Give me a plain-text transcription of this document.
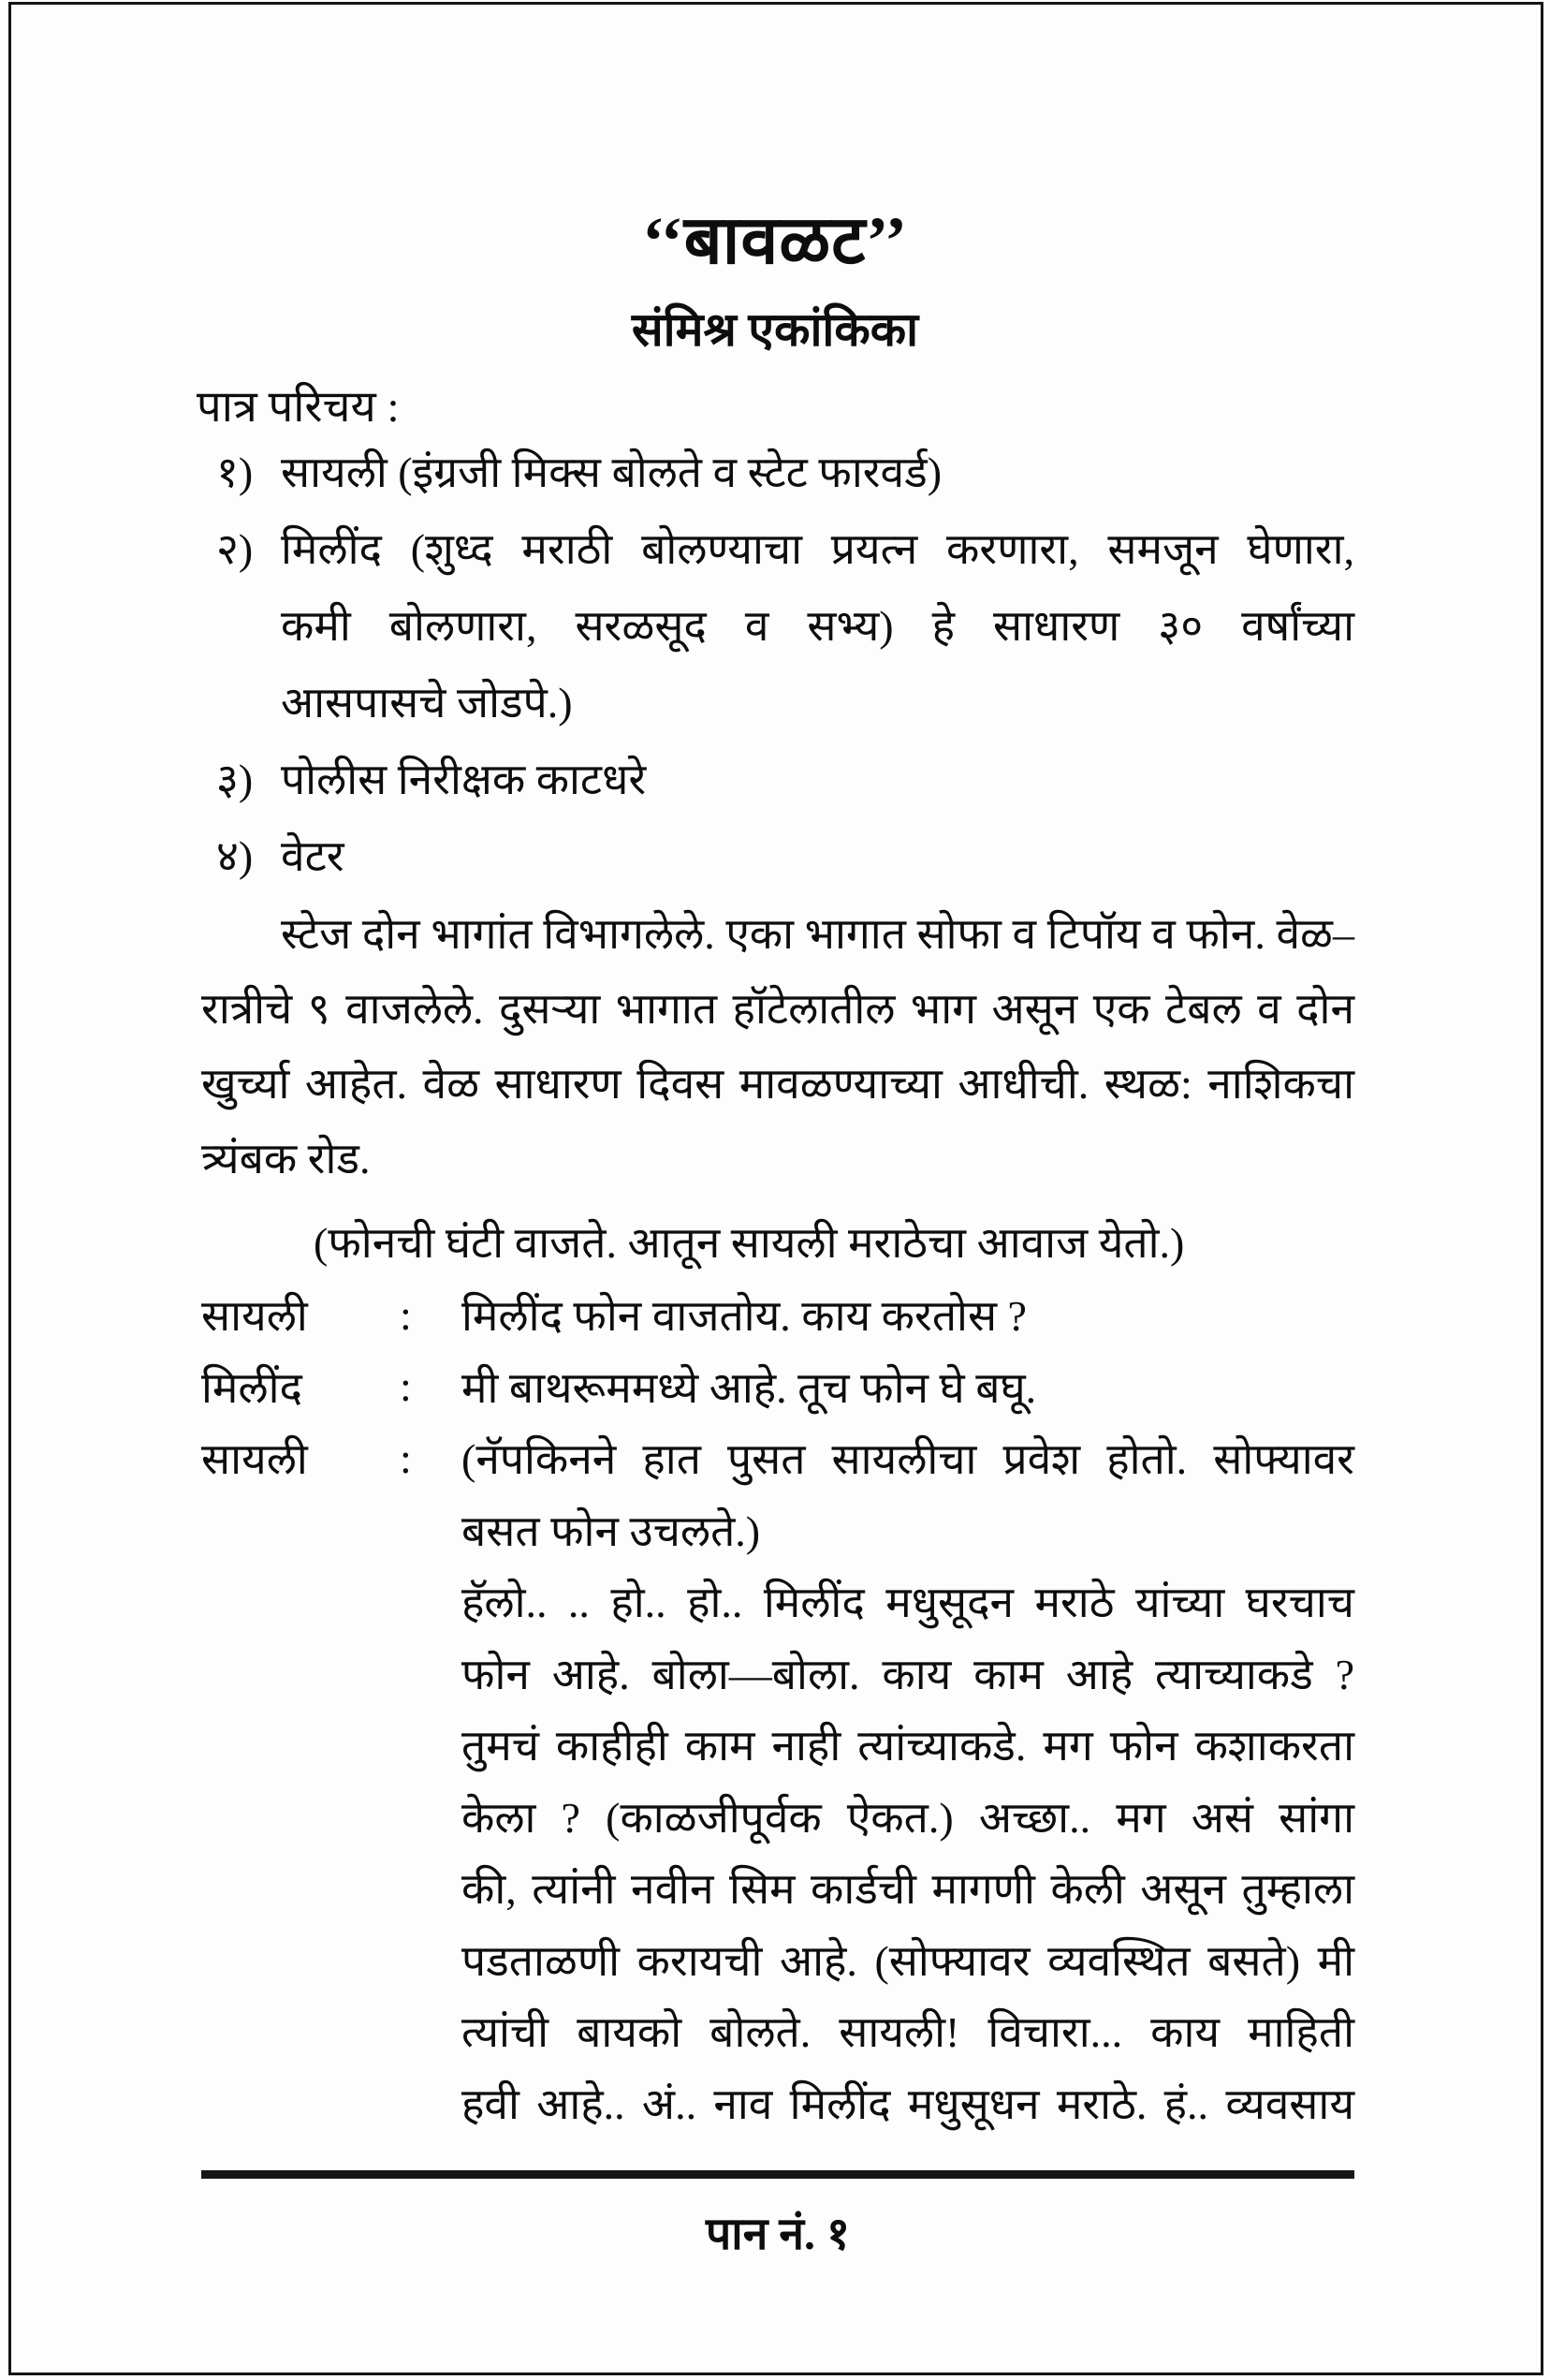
‘‘बावळट’’
संमिश्र एकांकिका
पात्र परिचय :
१) सायली (इंग्रजी मिक्स बोलते व स्टेट फारवर्ड)
२) मिलींद (शुध्द मराठी बोलण्याचा प्रयत्न करणारा, समजून घेणारा,
कमी बोलणारा, सरळसूद व सभ्य) हे साधारण ३० वर्षांच्या
आसपासचे जोडपे.)
३) पोलीस निरीक्षक काटधरे
४) वेटर
स्टेज दोन भागांत विभागलेले. एका भागात सोफा व टिपॉय व फोन. वेळ–
रात्रीचे ९ वाजलेले. दुसऱ्या भागात हॉटेलातील भाग असून एक टेबल व दोन
खुर्च्या आहेत. वेळ साधारण दिवस मावळण्याच्या आधीची. स्थळ: नाशिकचा
त्र्यंबक रोड.
(फोनची घंटी वाजते. आतून सायली मराठेचा आवाज येतो.)
सायली	:	मिलींद फोन वाजतोय. काय करतोस ?
मिलींद	:	मी बाथरूममध्ये आहे. तूच फोन घे बघू.
सायली	:	(नॅपकिनने हात पुसत सायलीचा प्रवेश होतो. सोफ्यावर
बसत फोन उचलते.)
हॅलो.. .. हो.. हो.. मिलींद मधुसूदन मराठे यांच्या घरचाच
फोन आहे. बोला––बोला. काय काम आहे त्याच्याकडे ?
तुमचं काहीही काम नाही त्यांच्याकडे. मग फोन कशाकरता
केला ? (काळजीपूर्वक ऐकत.) अच्छा.. मग असं सांगा
की, त्यांनी नवीन सिम कार्डची मागणी केली असून तुम्हाला
पडताळणी करायची आहे. (सोफ्यावर व्यवस्थित बसते) मी
त्यांची बायको बोलते. सायली! विचारा... काय माहिती
हवी आहे.. अं.. नाव मिलींद मधुसूधन मराठे. हं.. व्यवसाय
पान नं. १
